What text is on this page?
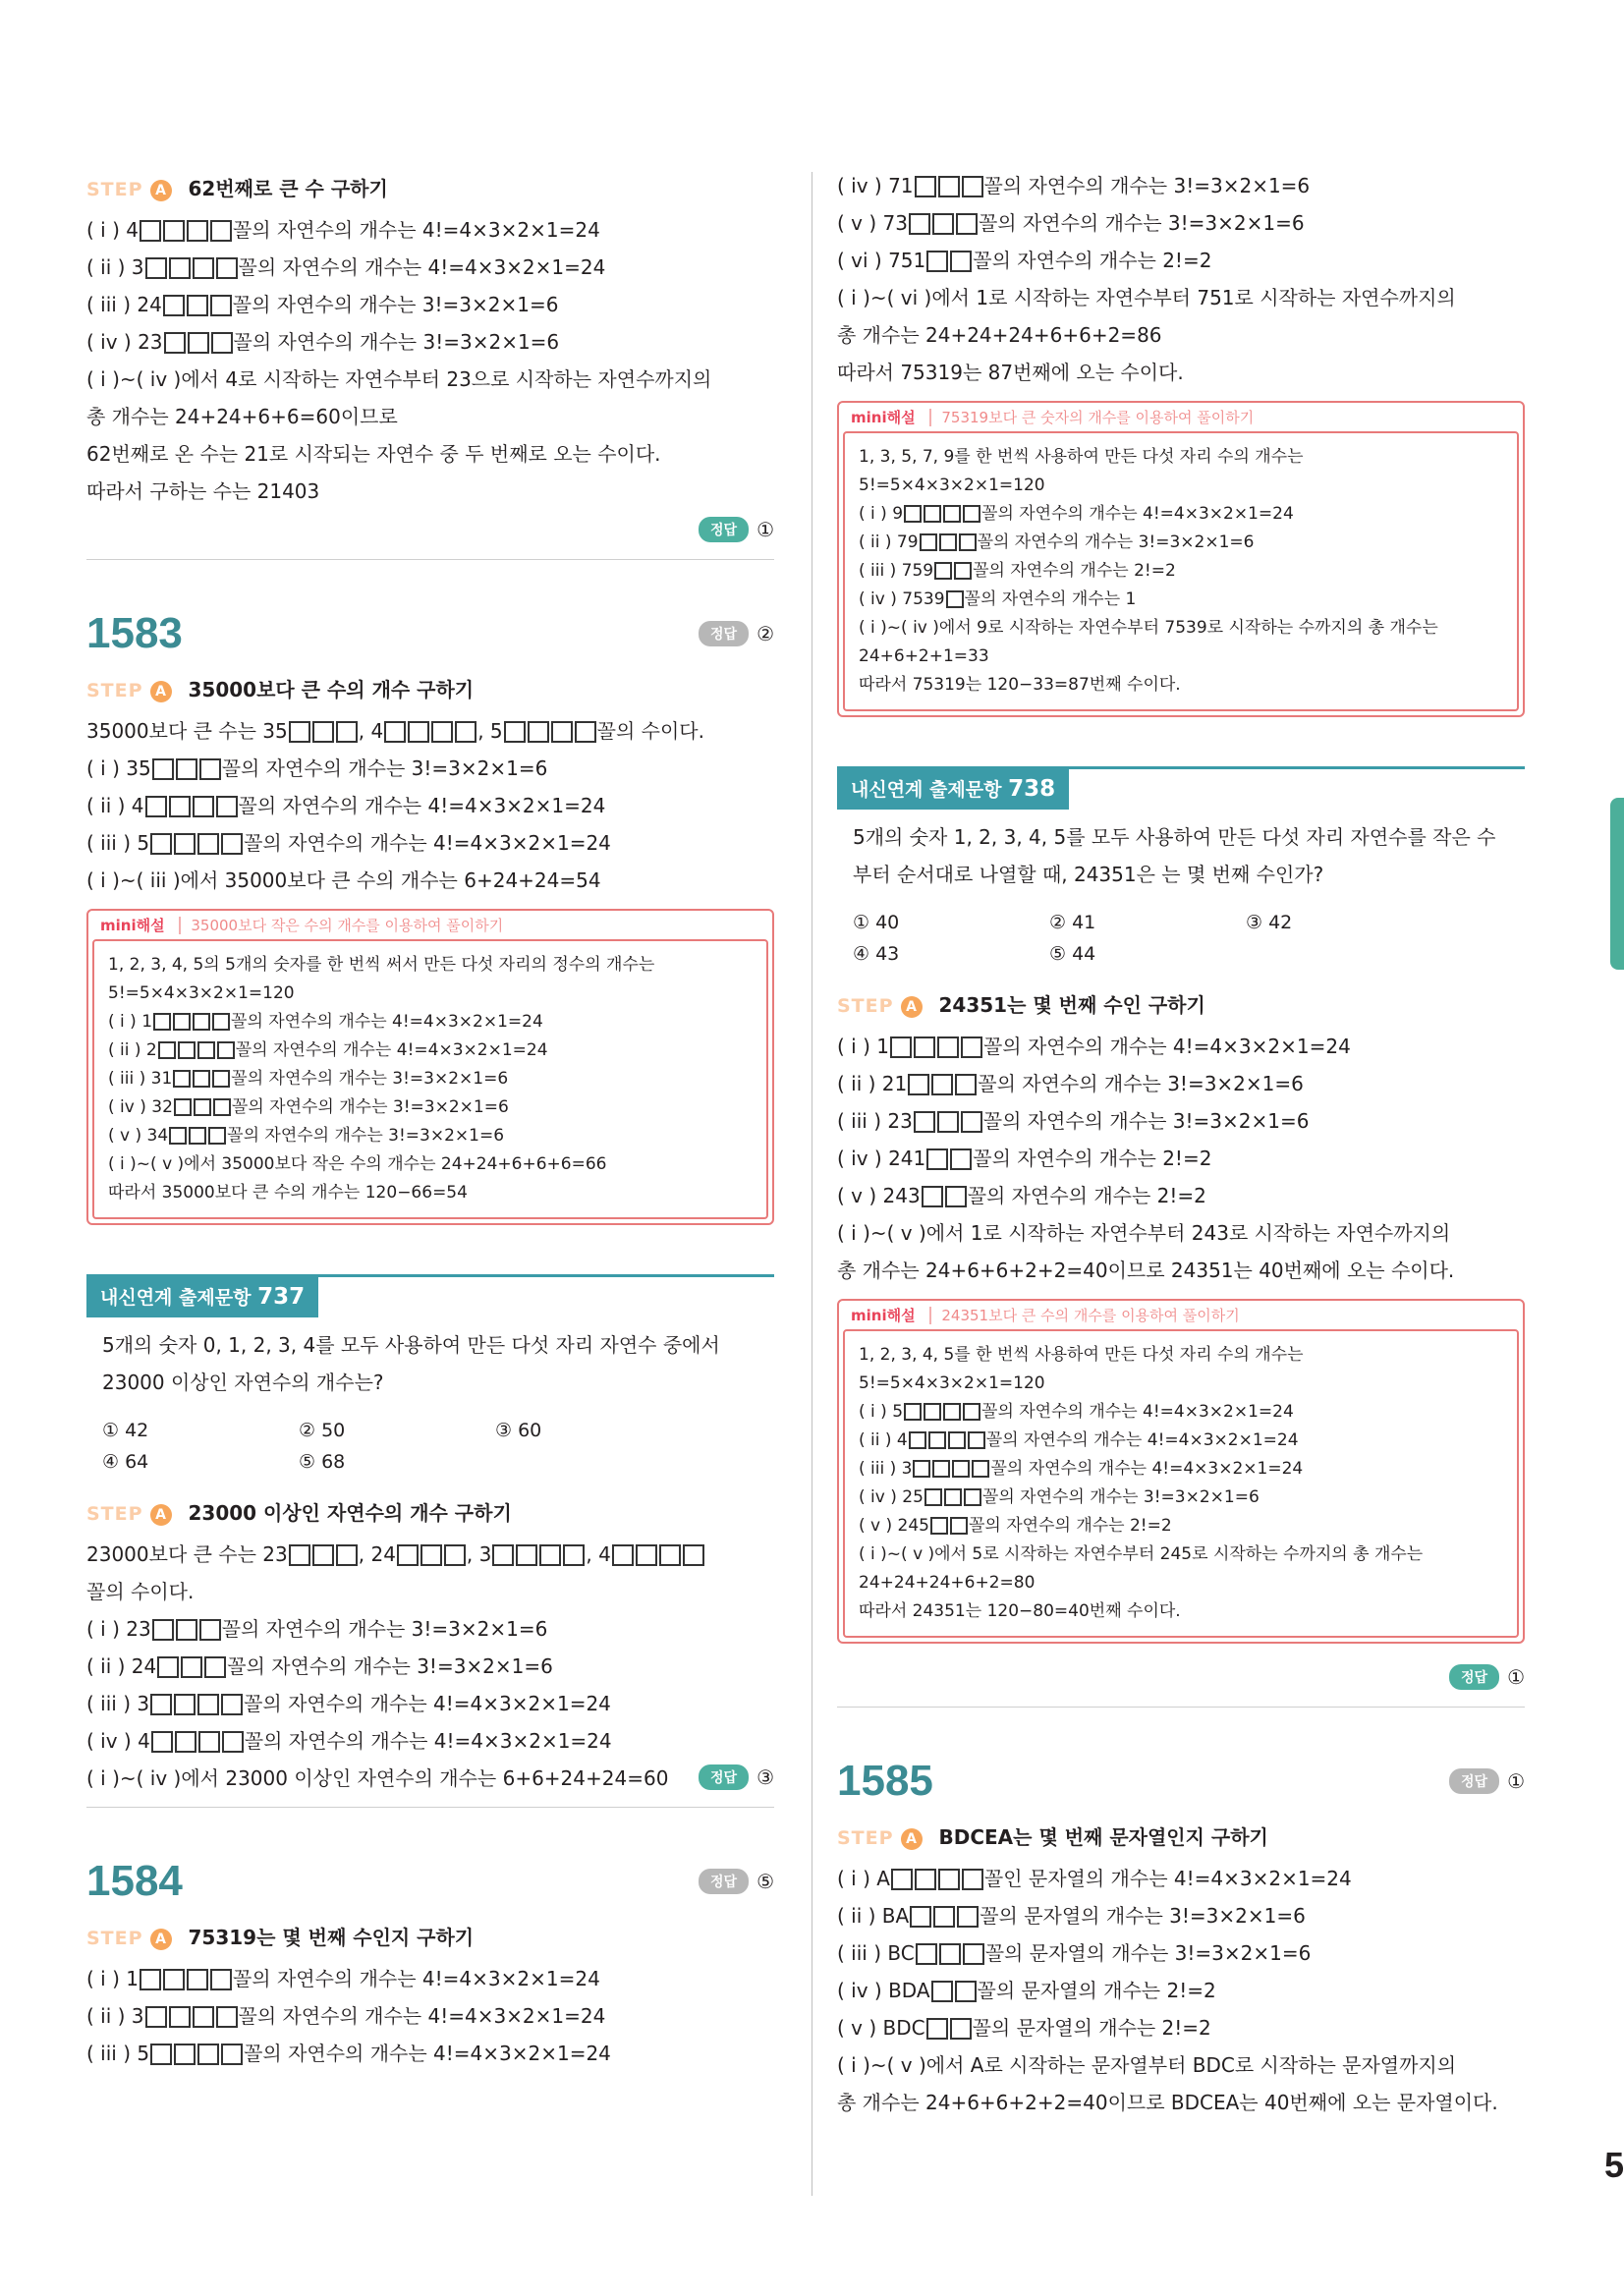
5
STEP A 62번째로 큰 수 구하기
( i ) 4	꼴의 자연수의 개수는 4!=4×3×2×1=24
( ii ) 3	꼴의 자연수의 개수는 4!=4×3×2×1=24
( iii ) 24	꼴의 자연수의 개수는 3!=3×2×1=6
( iv ) 23	꼴의 자연수의 개수는 3!=3×2×1=6
( i )~( iv )에서 4로 시작하는 자연수부터 23으로 시작하는 자연수까지의
총 개수는 24+24+6+6=60이므로
62번째로 온 수는 21로 시작되는 자연수 중 두 번째로 오는 수이다.
따라서 구하는 수는 21403
정답	①
1583	정답	②
STEP A 35000보다 큰 수의 개수 구하기
35000보다 큰 수는 35	, 4	, 5	꼴의 수이다.
( i ) 35	꼴의 자연수의 개수는 3!=3×2×1=6
( ii ) 4	꼴의 자연수의 개수는 4!=4×3×2×1=24
( iii ) 5	꼴의 자연수의 개수는 4!=4×3×2×1=24
( i )~( iii )에서 35000보다 큰 수의 개수는 6+24+24=54
mini해설 35000보다 작은 수의 개수를 이용하여 풀이하기
1, 2, 3, 4, 5의 5개의 숫자를 한 번씩 써서 만든 다섯 자리의 정수의 개수는
5!=5×4×3×2×1=120
( i ) 1	꼴의 자연수의 개수는 4!=4×3×2×1=24
( ii ) 2	꼴의 자연수의 개수는 4!=4×3×2×1=24
( iii ) 31	꼴의 자연수의 개수는 3!=3×2×1=6
( iv ) 32	꼴의 자연수의 개수는 3!=3×2×1=6
( v ) 34	꼴의 자연수의 개수는 3!=3×2×1=6
( i )~( v )에서 35000보다 작은 수의 개수는 24+24+6+6+6=66
따라서 35000보다 큰 수의 개수는 120−66=54
내신연계 출제문항 737
5개의 숫자 0, 1, 2, 3, 4를 모두 사용하여 만든 다섯 자리 자연수 중에서
23000 이상인 자연수의 개수는?
① 42	② 50	③ 60
④ 64	⑤ 68
STEP A 23000 이상인 자연수의 개수 구하기
23000보다 큰 수는 23	, 24	, 3	, 4
꼴의 수이다.
( i ) 23	꼴의 자연수의 개수는 3!=3×2×1=6
( ii ) 24	꼴의 자연수의 개수는 3!=3×2×1=6
( iii ) 3	꼴의 자연수의 개수는 4!=4×3×2×1=24
( iv ) 4	꼴의 자연수의 개수는 4!=4×3×2×1=24
( i )~( iv )에서 23000 이상인 자연수의 개수는 6+6+24+24=60	정답	③
1584	정답	⑤
STEP A 75319는 몇 번째 수인지 구하기
( i ) 1	꼴의 자연수의 개수는 4!=4×3×2×1=24
( ii ) 3	꼴의 자연수의 개수는 4!=4×3×2×1=24
( iii ) 5	꼴의 자연수의 개수는 4!=4×3×2×1=24
( iv ) 71	꼴의 자연수의 개수는 3!=3×2×1=6
( v ) 73	꼴의 자연수의 개수는 3!=3×2×1=6
( vi ) 751 꼴의 자연수의 개수는 2!=2
( i )~( vi )에서 1로 시작하는 자연수부터 751로 시작하는 자연수까지의
총 개수는 24+24+24+6+6+2=86
따라서 75319는 87번째에 오는 수이다.
mini해설 75319보다 큰 숫자의 개수를 이용하여 풀이하기
1, 3, 5, 7, 9를 한 번씩 사용하여 만든 다섯 자리 수의 개수는
5!=5×4×3×2×1=120
( i ) 9	꼴의 자연수의 개수는 4!=4×3×2×1=24
( ii ) 79	꼴의 자연수의 개수는 3!=3×2×1=6
( iii ) 759 꼴의 자연수의 개수는 2!=2
( iv ) 7539 꼴의 자연수의 개수는 1
( i )~( iv )에서 9로 시작하는 자연수부터 7539로 시작하는 수까지의 총 개수는
24+6+2+1=33
따라서 75319는 120−33=87번째 수이다.
내신연계 출제문항 738
5개의 숫자 1, 2, 3, 4, 5를 모두 사용하여 만든 다섯 자리 자연수를 작은 수
부터 순서대로 나열할 때, 24351은 는 몇 번째 수인가?
① 40	② 41	③ 42
④ 43	⑤ 44
STEP A 24351는 몇 번째 수인 구하기
( i ) 1	꼴의 자연수의 개수는 4!=4×3×2×1=24
( ii ) 21	꼴의 자연수의 개수는 3!=3×2×1=6
( iii ) 23	꼴의 자연수의 개수는 3!=3×2×1=6
( iv ) 241 꼴의 자연수의 개수는 2!=2
( v ) 243 꼴의 자연수의 개수는 2!=2
( i )~( v )에서 1로 시작하는 자연수부터 243로 시작하는 자연수까지의
총 개수는 24+6+6+2+2=40이므로 24351는 40번째에 오는 수이다.
mini해설 24351보다 큰 수의 개수를 이용하여 풀이하기
1, 2, 3, 4, 5를 한 번씩 사용하여 만든 다섯 자리 수의 개수는
5!=5×4×3×2×1=120
( i ) 5	꼴의 자연수의 개수는 4!=4×3×2×1=24
( ii ) 4	꼴의 자연수의 개수는 4!=4×3×2×1=24
( iii ) 3	꼴의 자연수의 개수는 4!=4×3×2×1=24
( iv ) 25	꼴의 자연수의 개수는 3!=3×2×1=6
( v ) 245 꼴의 자연수의 개수는 2!=2
( i )~( v )에서 5로 시작하는 자연수부터 245로 시작하는 수까지의 총 개수는
24+24+24+6+2=80
따라서 24351는 120−80=40번째 수이다.
정답	①
1585	정답	①
STEP A BDCEA는 몇 번째 문자열인지 구하기
( i ) A	꼴인 문자열의 개수는 4!=4×3×2×1=24
( ii ) BA	꼴의 문자열의 개수는 3!=3×2×1=6
( iii ) BC	꼴의 문자열의 개수는 3!=3×2×1=6
( iv ) BDA 꼴의 문자열의 개수는 2!=2
( v ) BDC 꼴의 문자열의 개수는 2!=2
( i )~( v )에서 A로 시작하는 문자열부터 BDC로 시작하는 문자열까지의
총 개수는 24+6+6+2+2=40이므로 BDCEA는 40번째에 오는 문자열이다.
